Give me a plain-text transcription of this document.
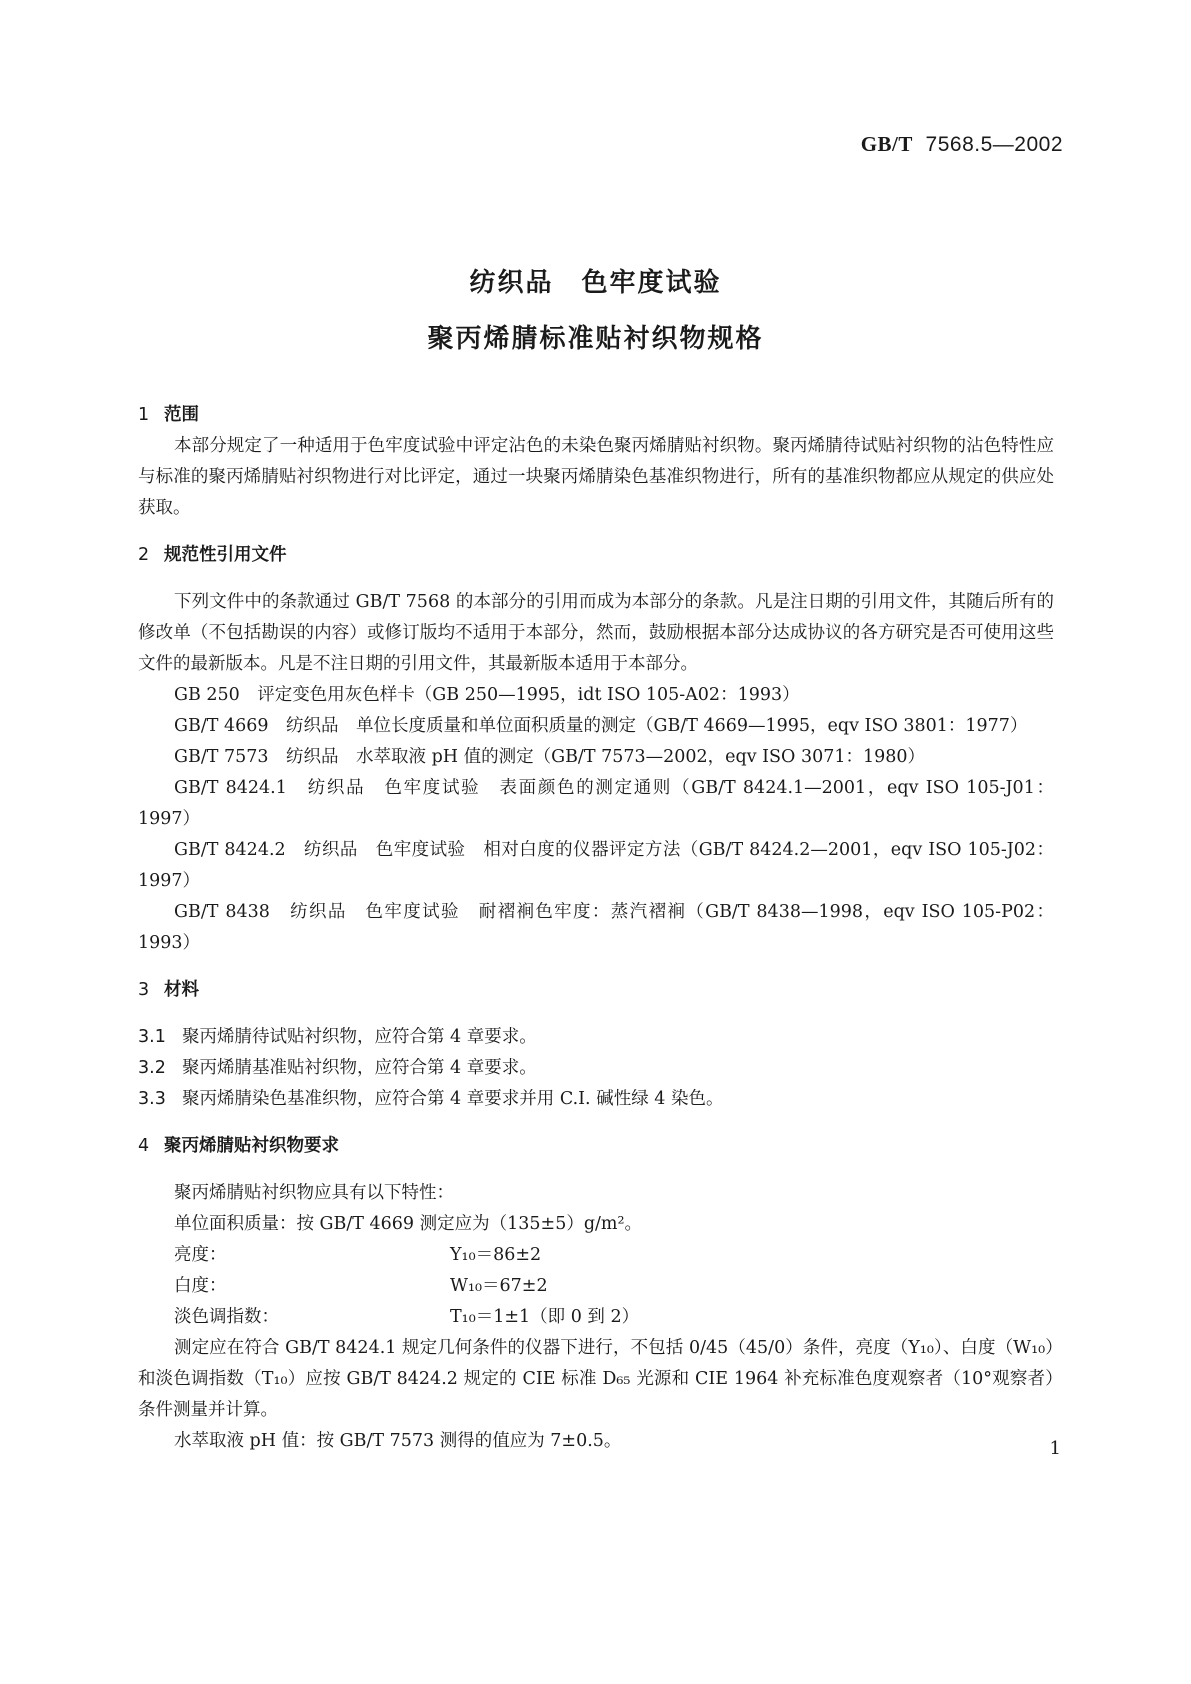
GB/T 7568.5—2002
纺织品　色牢度试验
聚丙烯腈标准贴衬织物规格
1 范围

本部分规定了一种适用于色牢度试验中评定沾色的未染色聚丙烯腈贴衬织物。聚丙烯腈待试贴衬织物的沾色特性应与标准的聚丙烯腈贴衬织物进行对比评定，通过一块聚丙烯腈染色基准织物进行，所有的基准织物都应从规定的供应处获取。

2 规范性引用文件

下列文件中的条款通过 GB/T 7568 的本部分的引用而成为本部分的条款。凡是注日期的引用文件，其随后所有的修改单（不包括勘误的内容）或修订版均不适用于本部分，然而，鼓励根据本部分达成协议的各方研究是否可使用这些文件的最新版本。凡是不注日期的引用文件，其最新版本适用于本部分。

GB 250　评定变色用灰色样卡（GB 250—1995，idt ISO 105-A02：1993）

GB/T 4669　纺织品　单位长度质量和单位面积质量的测定（GB/T 4669—1995，eqv ISO 3801：1977）

GB/T 7573　纺织品　水萃取液 pH 值的测定（GB/T 7573—2002，eqv ISO 3071：1980）

GB/T 8424.1　纺织品　色牢度试验　表面颜色的测定通则（GB/T 8424.1—2001，eqv ISO 105-J01：1997）

GB/T 8424.2　纺织品　色牢度试验　相对白度的仪器评定方法（GB/T 8424.2—2001，eqv ISO 105-J02：1997）

GB/T 8438　纺织品　色牢度试验　耐褶裥色牢度：蒸汽褶裥（GB/T 8438—1998，eqv ISO 105-P02：1993）

3 材料

3.1 聚丙烯腈待试贴衬织物，应符合第 4 章要求。

3.2 聚丙烯腈基准贴衬织物，应符合第 4 章要求。

3.3 聚丙烯腈染色基准织物，应符合第 4 章要求并用 C.I. 碱性绿 4 染色。

4 聚丙烯腈贴衬织物要求

聚丙烯腈贴衬织物应具有以下特性：

单位面积质量：按 GB/T 4669 测定应为（135±5）g/m²。

亮度：	Y₁₀＝86±2
白度：	W₁₀＝67±2
淡色调指数：	T₁₀＝1±1（即 0 到 2）

测定应在符合 GB/T 8424.1 规定几何条件的仪器下进行，不包括 0/45（45/0）条件，亮度（Y₁₀）、白度（W₁₀）和淡色调指数（T₁₀）应按 GB/T 8424.2 规定的 CIE 标准 D₆₅ 光源和 CIE 1964 补充标准色度观察者（10°观察者）条件测量并计算。

水萃取液 pH 值：按 GB/T 7573 测得的值应为 7±0.5。	1
